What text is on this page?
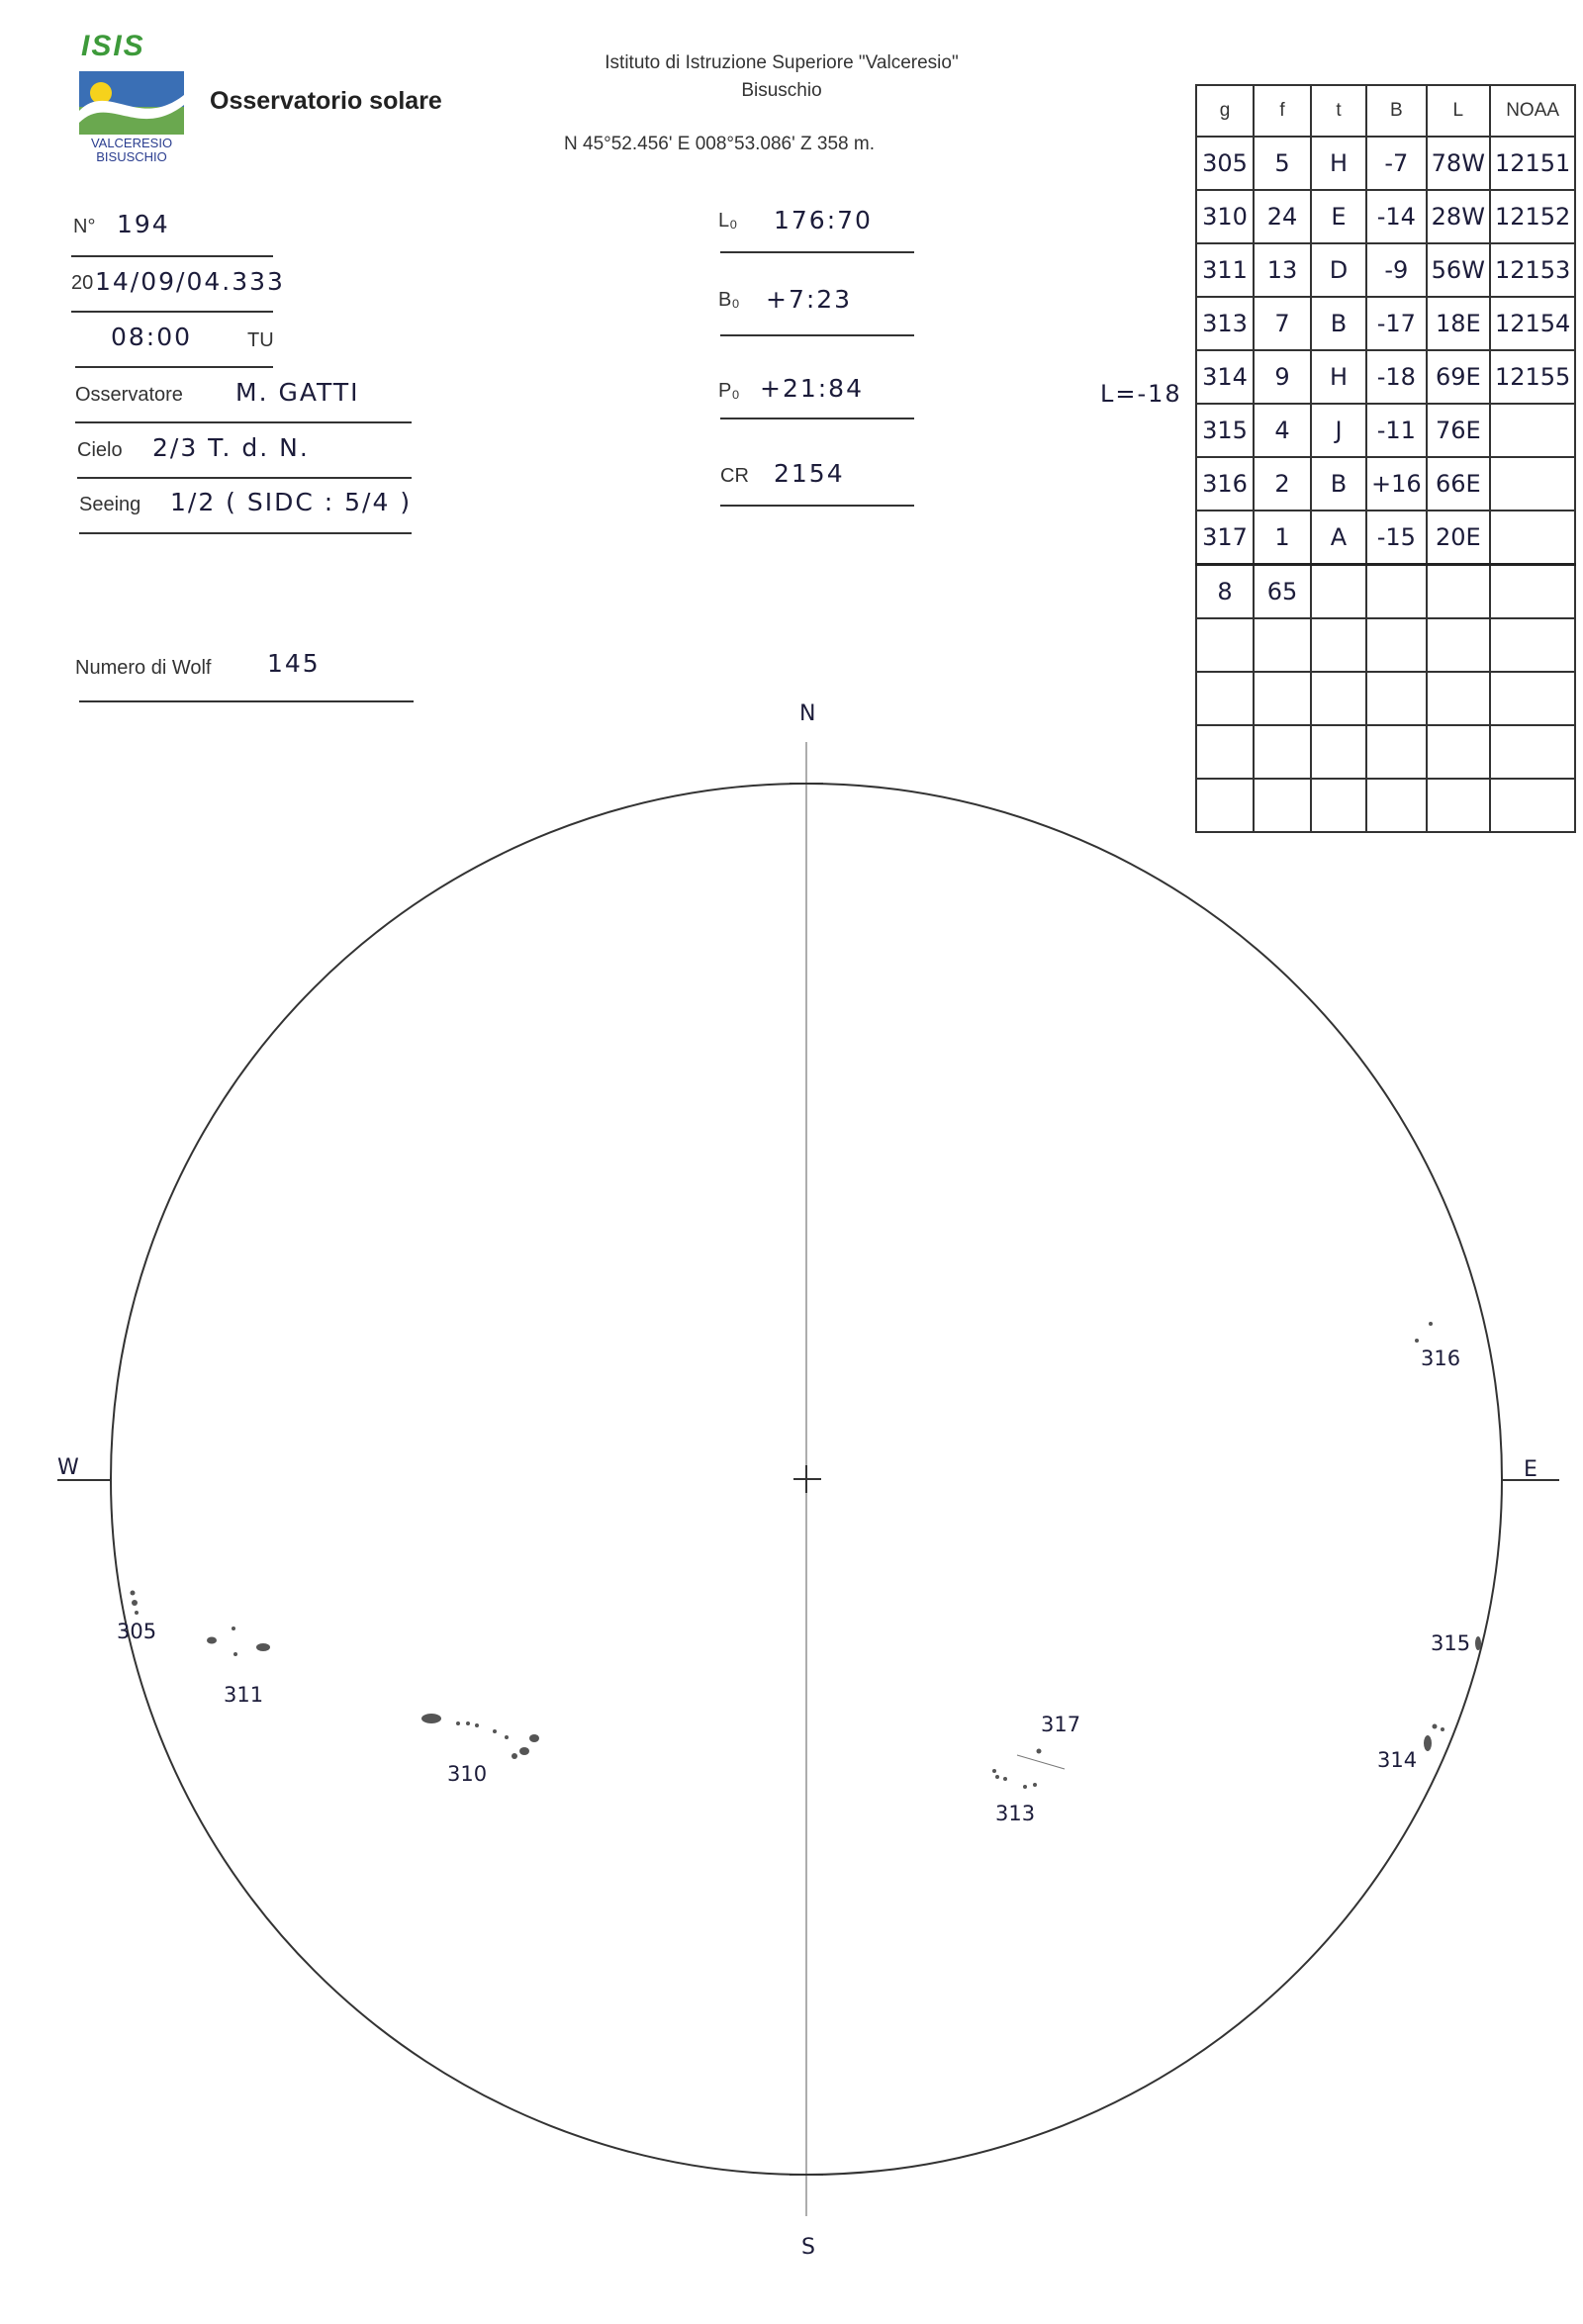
ISIS
VALCERESIO
BISUSCHIO
Osservatorio solare
Istituto di Istruzione Superiore "Valceresio"
Bisuschio
N 45°52.456' E 008°53.086' Z 358 m.
N° 194
20 14/09/04.333
08:00	TU
Osservatore M. GATTI
Cielo 2/3 T. d. N.
Seeing 1/2 ( SIDC : 5/4 )
Numero di Wolf 145
L₀ 176:70
B₀ +7:23
P₀ +21:84
CR 2154
L=-18
g	f	t	B	L	NOAA
305	5	H	-7	78W	12151
310	24	E	-14	28W	12152
311	13	D	-9	56W	12153
313	7	B	-17	18E	12154
314	9	H	-18	69E	12155
315	4	J	-11	76E	
316	2	B	+16	66E	
317	1	A	-15	20E	
8	65				

N
S
W	E
305
311
310
317
313
316
315
314
